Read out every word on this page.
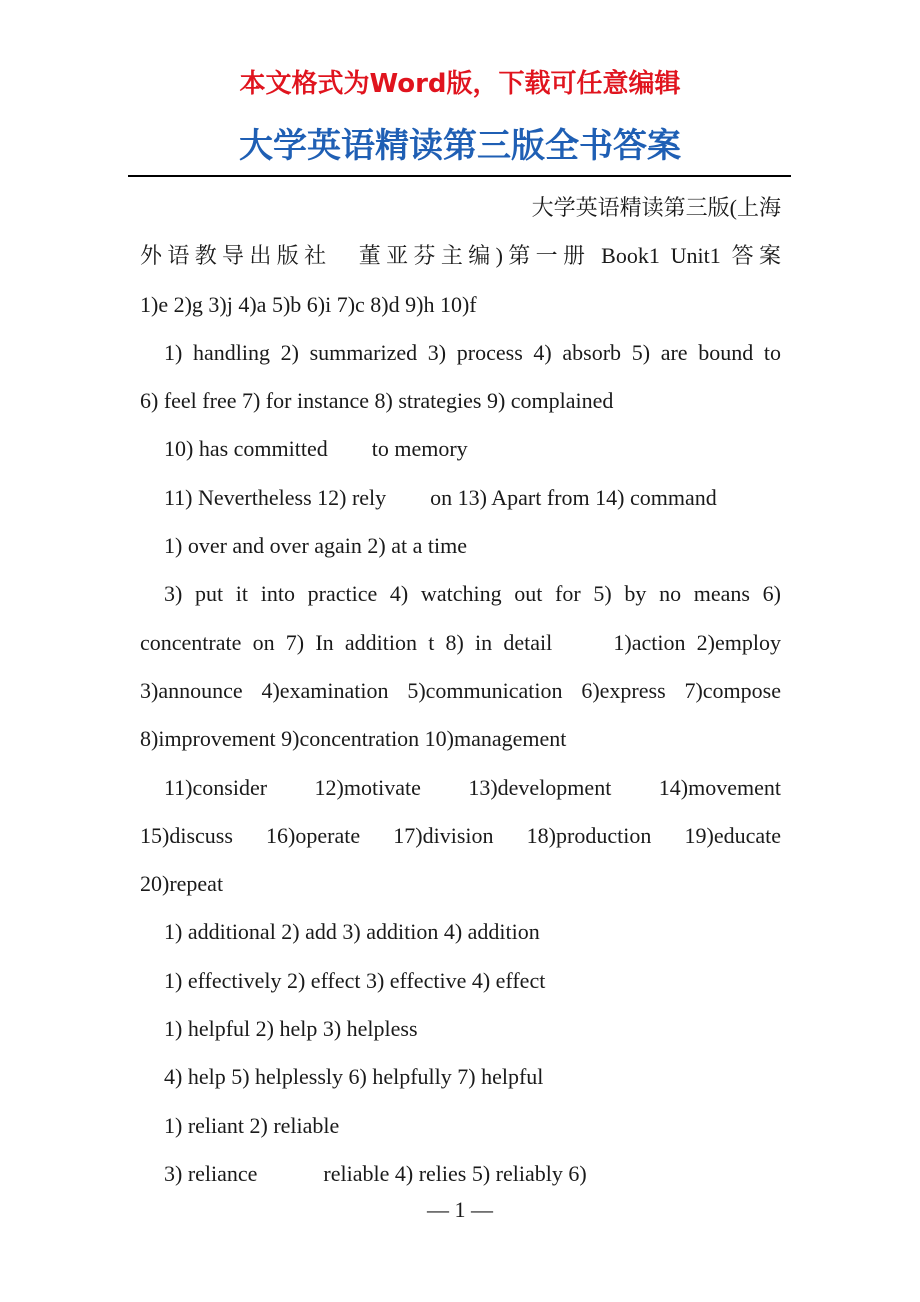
本文格式为Word版，下载可任意编辑
大学英语精读第三版全书答案

大学英语精读第三版(上海

外语教导出版社　董亚芬主编)第一册 Book1 Unit1 答案

1)e 2)g 3)j 4)a 5)b 6)i 7)c 8)d 9)h 10)f

1) handling 2) summarized 3) process 4) absorb 5) are bound to

6) feel free 7) for instance 8) strategies 9) complained

10) has committed　　to memory

11) Nevertheless 12) rely　　on 13) Apart from 14) command

1) over and over again 2) at a time

3) put it into practice 4) watching out for 5) by no means 6)

concentrate on 7) In addition t 8) in detail　　1)action 2)employ

3)announce 4)examination 5)communication 6)express 7)compose

8)improvement 9)concentration 10)management

11)consider 12)motivate 13)development 14)movement

15)discuss 16)operate 17)division 18)production 19)educate

20)repeat

1) additional 2) add 3) addition 4) addition

1) effectively 2) effect 3) effective 4) effect

1) helpful 2) help 3) helpless

4) help 5) helplessly 6) helpfully 7) helpful

1) reliant 2) reliable

3) reliance　　　reliable 4) relies 5) reliably 6)

— 1 —
